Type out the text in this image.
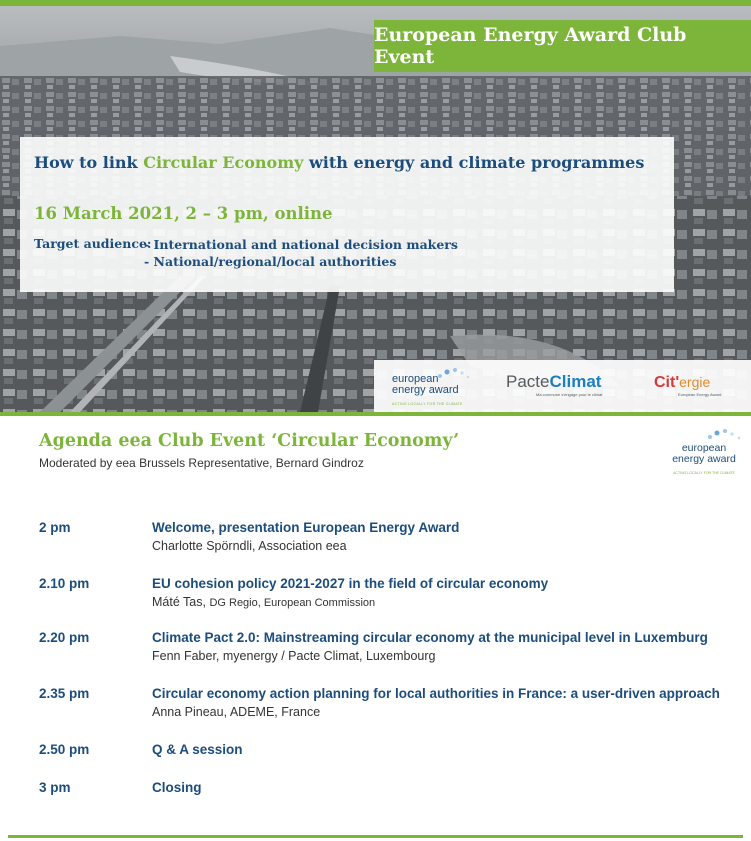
European Energy Award Club Event
How to link Circular Economy with energy and climate programmes
16 March 2021, 2 – 3 pm, online
Target audience:
- International and national decision makers
- National/regional/local authorities
european
energy award
ACTING LOCALLY FOR THE CLIMATE
PacteClimat
Ma commune s'engage pour le climat
Cit'ergie
European Energy Award
european
energy award
ACTING LOCALLY FOR THE CLIMATE
Agenda eea Club Event ‘Circular Economy’
Moderated by eea Brussels Representative, Bernard Gindroz
2 pm	Welcome, presentation European Energy Award
Charlotte Spörndli, Association eea
2.10 pm	EU cohesion policy 2021-2027 in the field of circular economy
Máté Tas, DG Regio, European Commission
2.20 pm	Climate Pact 2.0: Mainstreaming circular economy at the municipal level in Luxemburg
Fenn Faber, myenergy / Pacte Climat, Luxembourg
2.35 pm	Circular economy action planning for local authorities in France: a user-driven approach
Anna Pineau, ADEME, France
2.50 pm	Q & A session
3 pm	Closing
